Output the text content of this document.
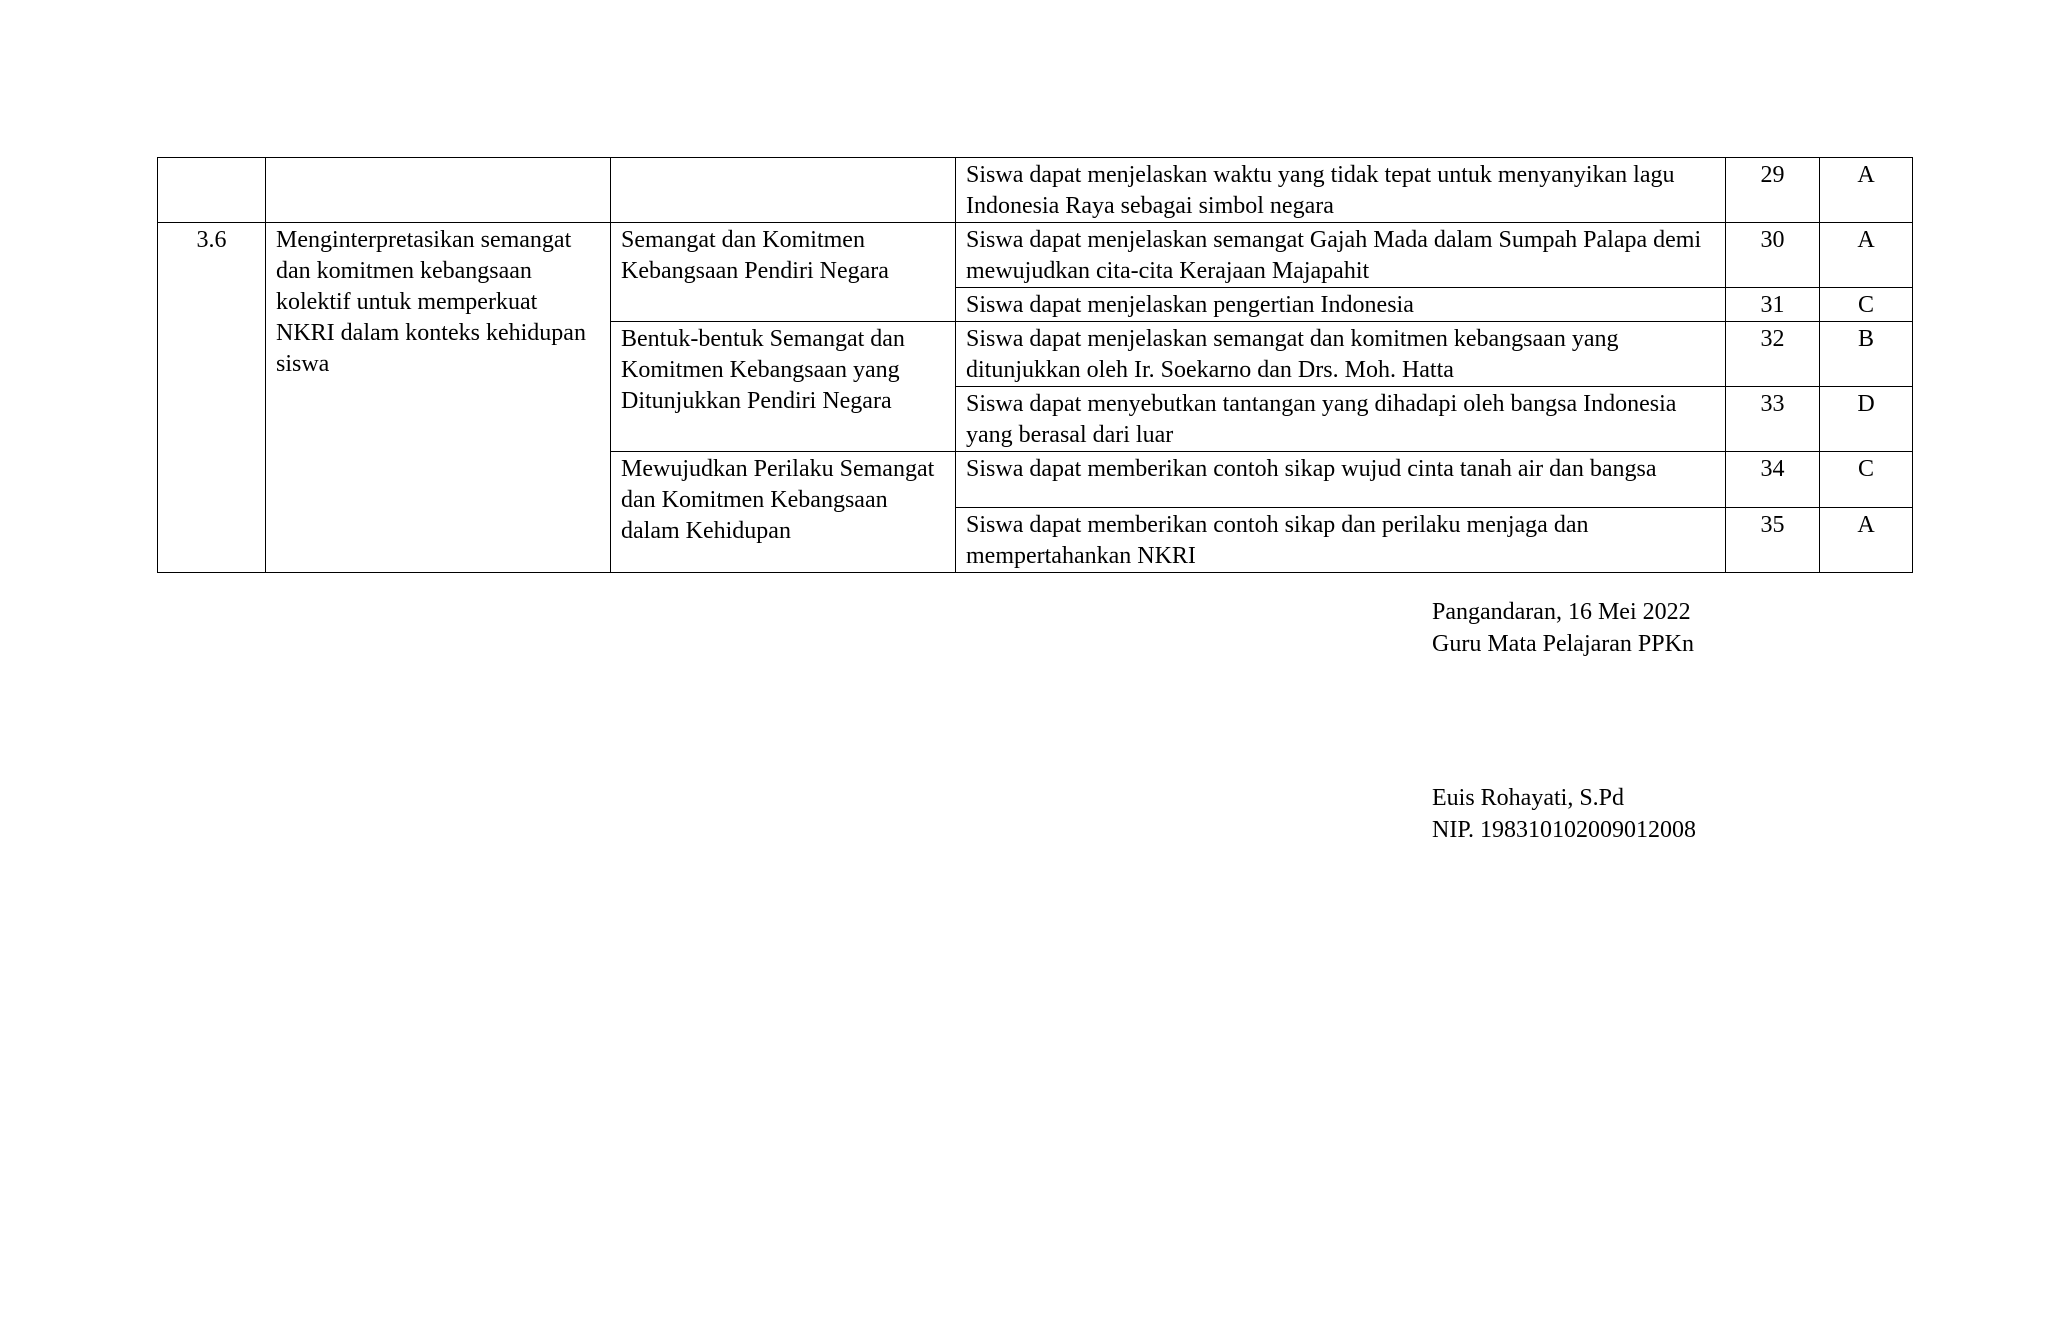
			Siswa dapat menjelaskan waktu yang tidak tepat untuk menyanyikan lagu Indonesia Raya sebagai simbol negara	29	A
3.6	Menginterpretasikan semangat dan komitmen kebangsaan kolektif untuk memperkuat NKRI dalam konteks kehidupan siswa	Semangat dan Komitmen Kebangsaan Pendiri Negara	Siswa dapat menjelaskan semangat Gajah Mada dalam Sumpah Palapa demi mewujudkan cita-cita Kerajaan Majapahit	30	A
			Siswa dapat menjelaskan pengertian Indonesia	31	C
		Bentuk-bentuk Semangat dan Komitmen Kebangsaan yang Ditunjukkan Pendiri Negara	Siswa dapat menjelaskan semangat dan komitmen kebangsaan yang ditunjukkan oleh Ir. Soekarno dan Drs. Moh. Hatta	32	B
			Siswa dapat menyebutkan tantangan yang dihadapi oleh bangsa Indonesia yang berasal dari luar	33	D
		Mewujudkan Perilaku Semangat dan Komitmen Kebangsaan dalam Kehidupan	Siswa dapat memberikan contoh sikap wujud cinta tanah air dan bangsa	34	C
			Siswa dapat memberikan contoh sikap dan perilaku menjaga dan mempertahankan NKRI	35	A
Pangandaran, 16 Mei 2022
Guru Mata Pelajaran PPKn
Euis Rohayati, S.Pd
NIP. 198310102009012008
